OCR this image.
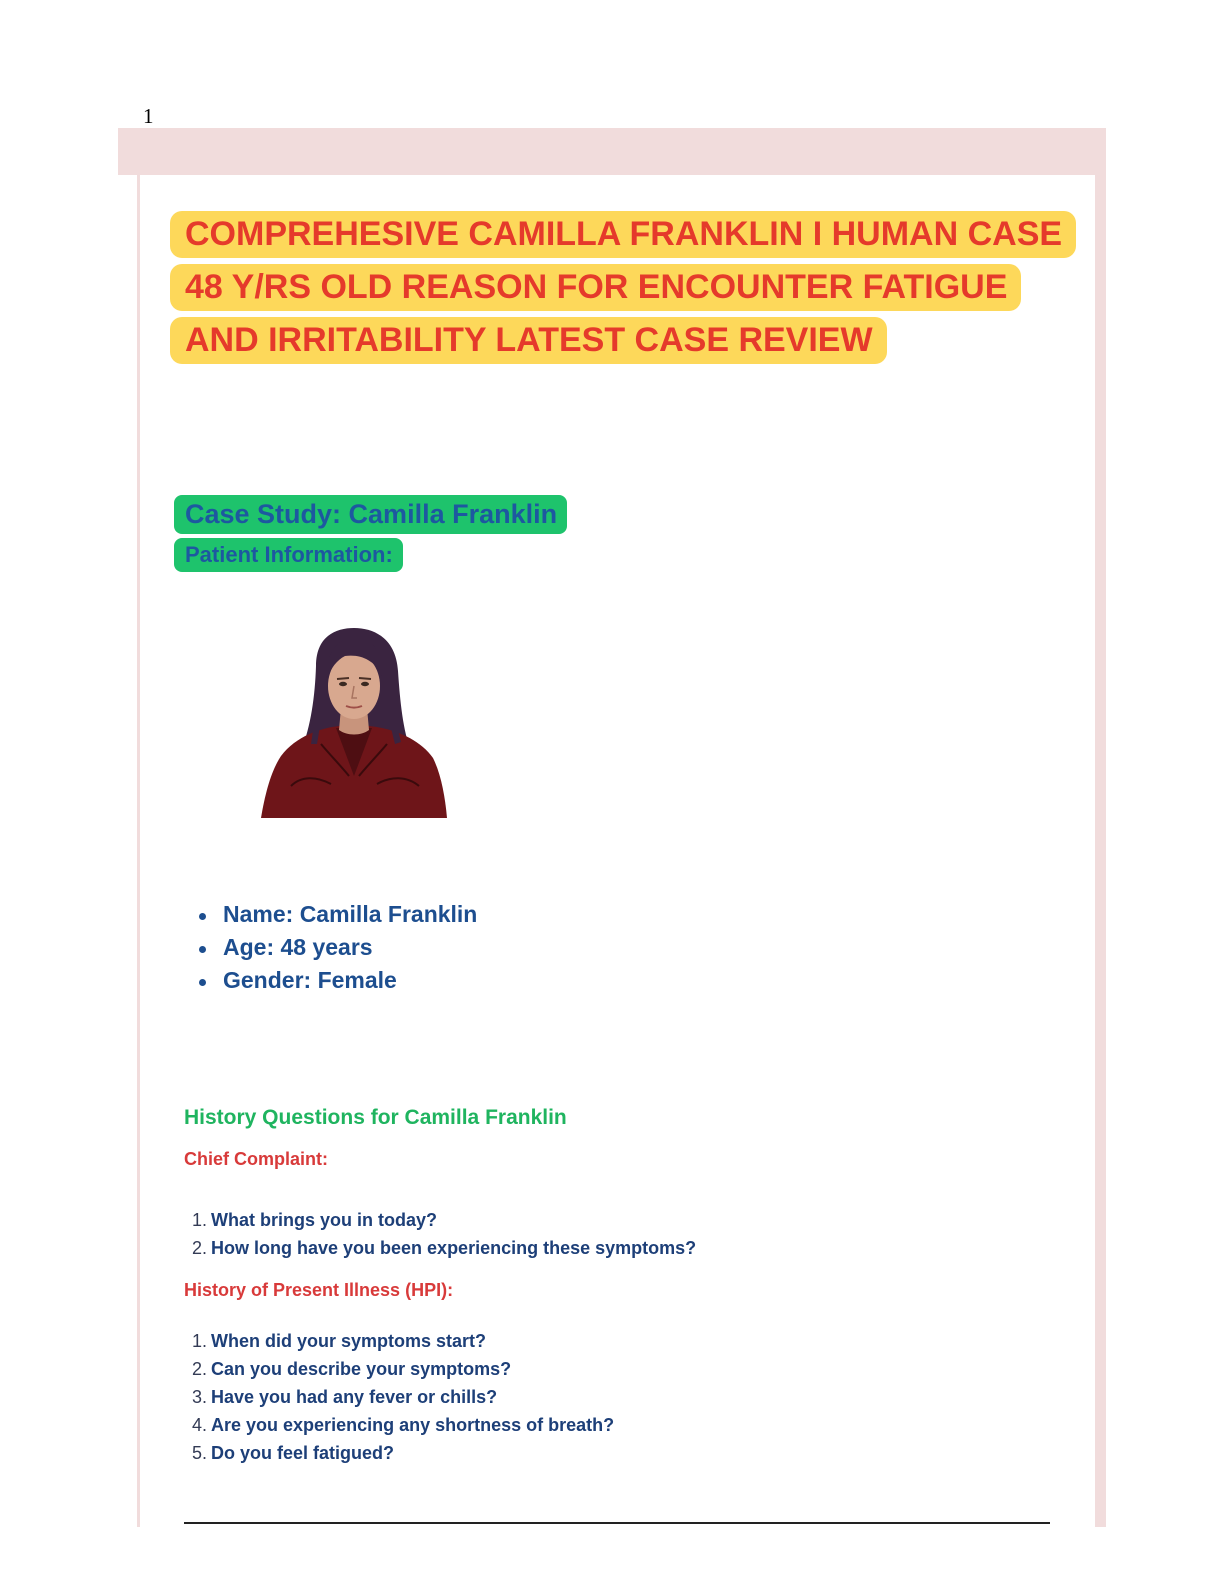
1
COMPREHESIVE CAMILLA FRANKLIN I HUMAN CASE 48 Y/RS OLD REASON FOR ENCOUNTER FATIGUE AND IRRITABILITY LATEST CASE REVIEW
Case Study: Camilla Franklin
Patient Information:
Name: Camilla Franklin
Age: 48 years
Gender: Female
History Questions for Camilla Franklin
Chief Complaint:
1. What brings you in today?
2. How long have you been experiencing these symptoms?
History of Present Illness (HPI):
1. When did your symptoms start?
2. Can you describe your symptoms?
3. Have you had any fever or chills?
4. Are you experiencing any shortness of breath?
5. Do you feel fatigued?
